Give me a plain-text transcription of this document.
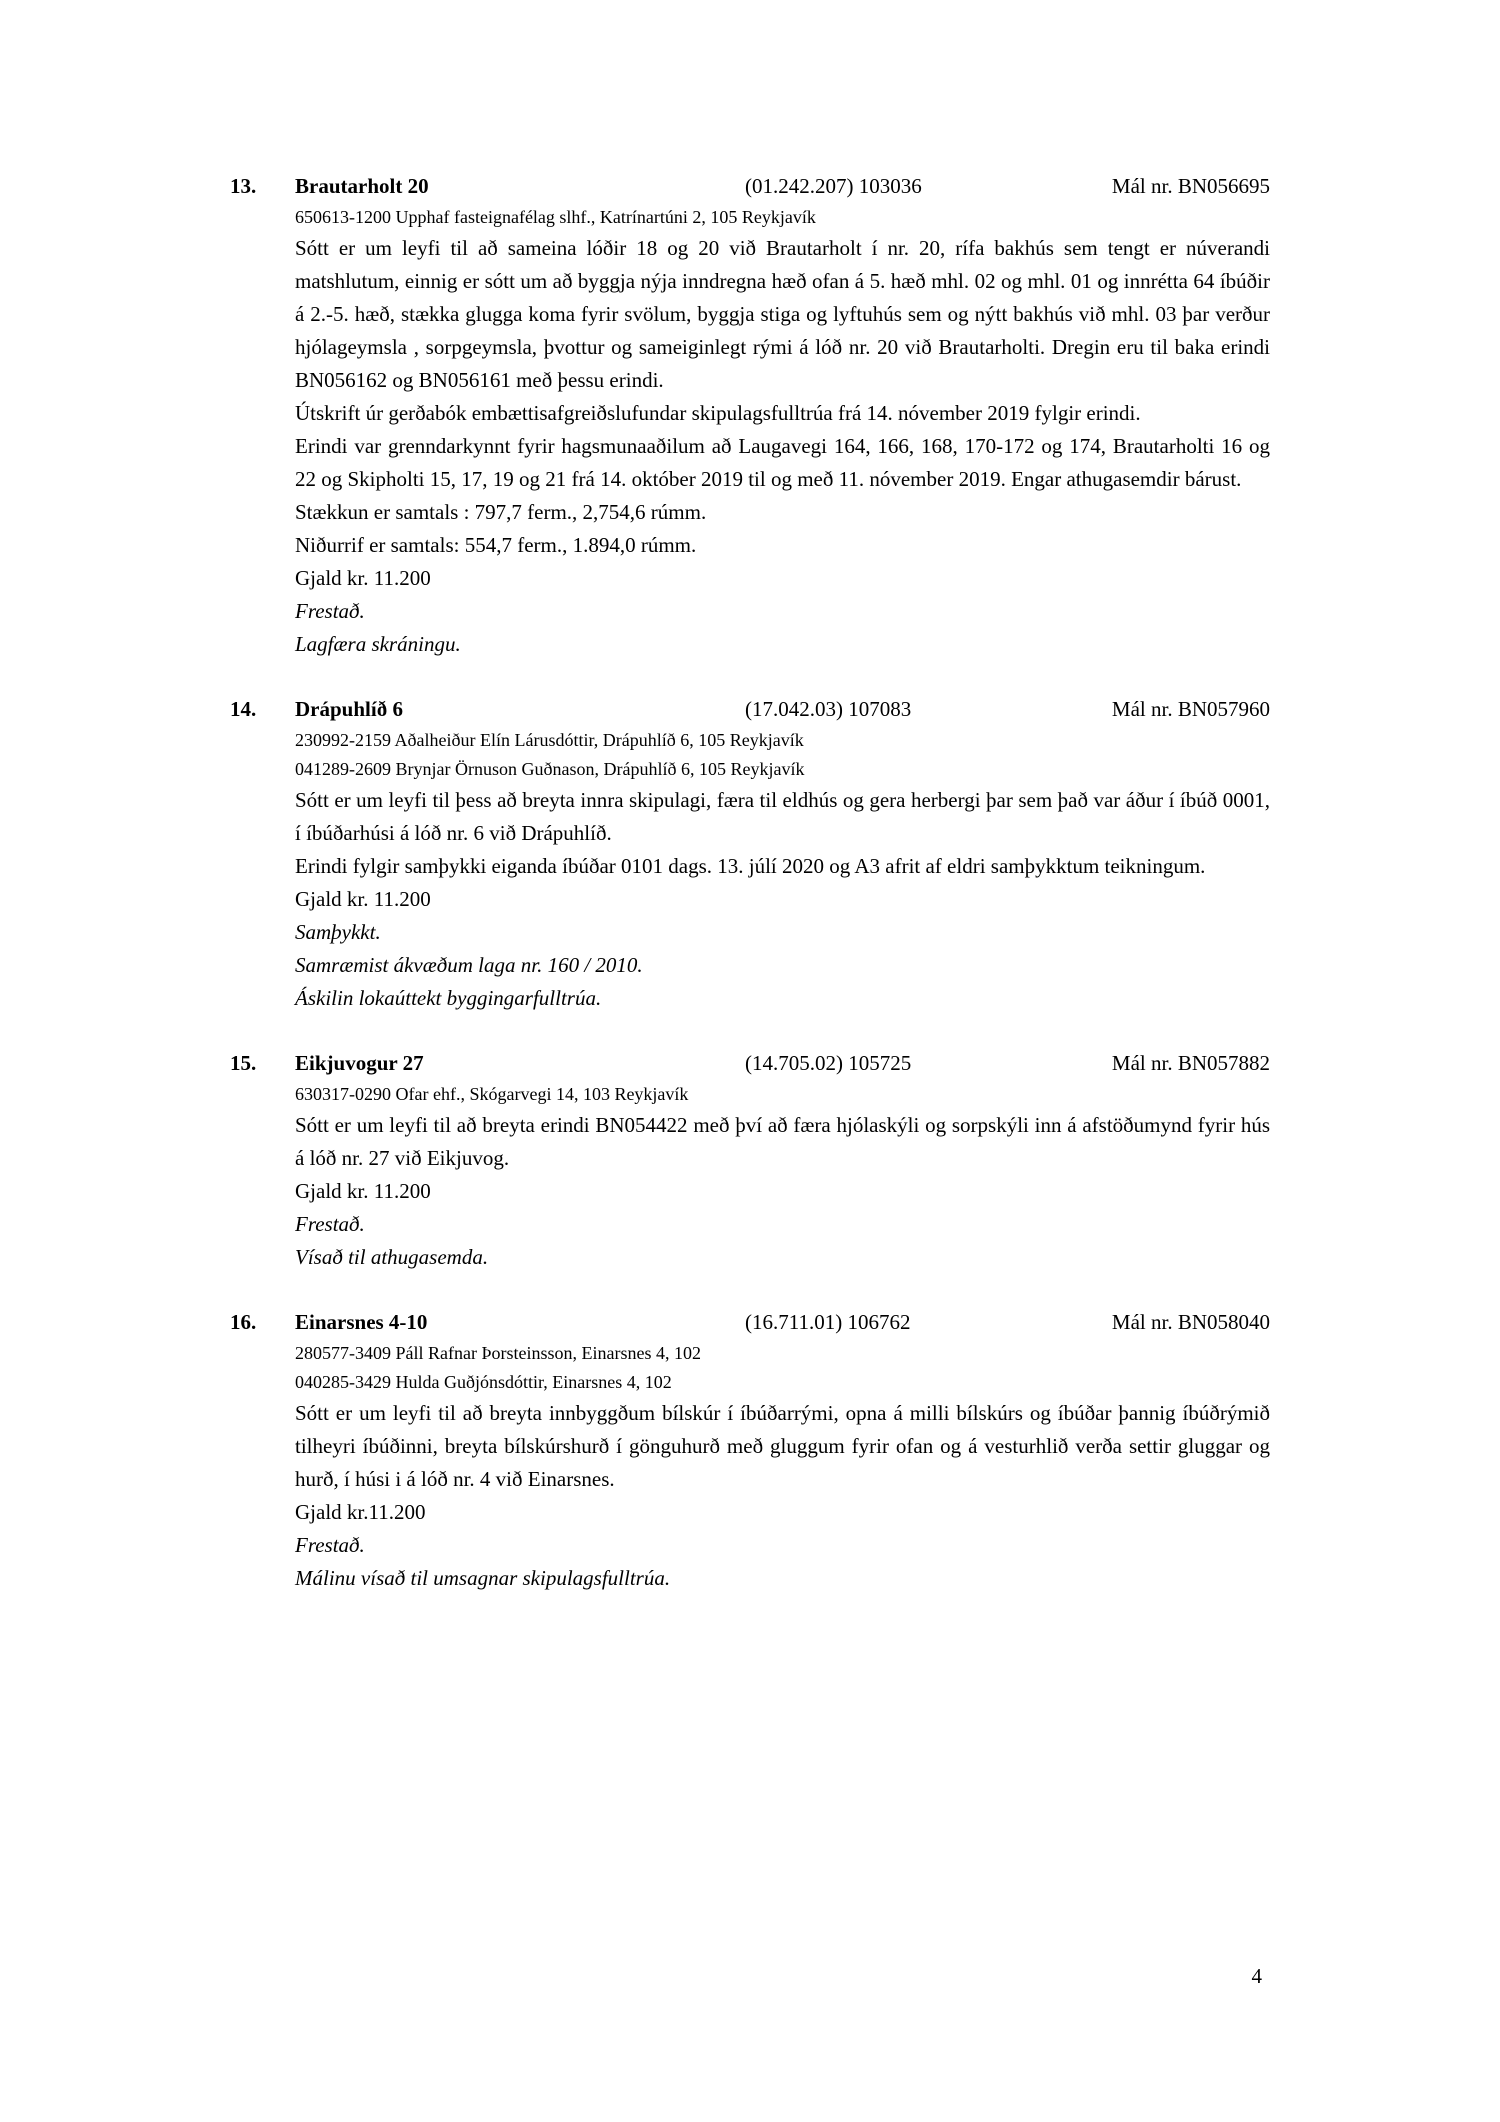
13.	Brautarholt 20	(01.242.207) 103036	Mál nr. BN056695
650613-1200 Upphaf fasteignafélag slhf., Katrínartúni 2, 105 Reykjavík
Sótt er um leyfi til að sameina lóðir 18 og 20 við Brautarholt í nr. 20, rífa bakhús sem tengt er núverandi matshlutum, einnig er sótt um að byggja nýja inndregna hæð ofan á 5. hæð mhl. 02 og mhl. 01 og innrétta 64 íbúðir á 2.-5. hæð, stækka glugga koma fyrir svölum, byggja stiga og lyftuhús sem og nýtt bakhús við mhl. 03 þar verður hjólageymsla , sorpgeymsla, þvottur og sameiginlegt rými á lóð nr. 20 við Brautarholti. Dregin eru til baka erindi BN056162 og BN056161 með þessu erindi.
Útskrift úr gerðabók embættisafgreiðslufundar skipulagsfulltrúa frá 14. nóvember 2019 fylgir erindi.
Erindi var grenndarkynnt fyrir hagsmunaaðilum að Laugavegi 164, 166, 168, 170-172 og 174, Brautarholti 16 og 22 og Skipholti 15, 17, 19 og 21 frá 14. október 2019 til og með 11. nóvember 2019. Engar athugasemdir bárust.
Stækkun er samtals : 797,7 ferm., 2,754,6 rúmm.
Niðurrif er samtals: 554,7 ferm., 1.894,0 rúmm.
Gjald kr. 11.200
Frestað.
Lagfæra skráningu.
14.	Drápuhlíð 6	(17.042.03) 107083	Mál nr. BN057960
230992-2159 Aðalheiður Elín Lárusdóttir, Drápuhlíð 6, 105 Reykjavík
041289-2609 Brynjar Örnuson Guðnason, Drápuhlíð 6, 105 Reykjavík
Sótt er um leyfi til þess að breyta innra skipulagi, færa til eldhús og gera herbergi þar sem það var áður í íbúð 0001, í íbúðarhúsi á lóð nr. 6 við Drápuhlíð.
Erindi fylgir samþykki eiganda íbúðar 0101 dags. 13. júlí 2020 og A3 afrit af eldri samþykktum teikningum.
Gjald kr. 11.200
Samþykkt.
Samræmist ákvæðum laga nr. 160 / 2010.
Áskilin lokaúttekt byggingarfulltrúa.
15.	Eikjuvogur 27	(14.705.02) 105725	Mál nr. BN057882
630317-0290 Ofar ehf., Skógarvegi 14, 103 Reykjavík
Sótt er um leyfi til að breyta erindi BN054422 með því að færa hjólaskýli og sorpskýli inn á afstöðumynd fyrir hús á lóð nr. 27 við Eikjuvog.
Gjald kr. 11.200
Frestað.
Vísað til athugasemda.
16.	Einarsnes 4-10	(16.711.01) 106762	Mál nr. BN058040
280577-3409 Páll Rafnar Þorsteinsson, Einarsnes 4, 102
040285-3429 Hulda Guðjónsdóttir, Einarsnes 4, 102
Sótt er um leyfi til að breyta innbyggðum bílskúr í íbúðarrými, opna á milli bílskúrs og íbúðar þannig íbúðrýmið tilheyri íbúðinni, breyta bílskúrshurð í gönguhurð með gluggum fyrir ofan og á vesturhlið verða settir gluggar og hurð, í húsi i á lóð nr. 4 við Einarsnes.
Gjald kr.11.200
Frestað.
Málinu vísað til umsagnar skipulagsfulltrúa.
4
